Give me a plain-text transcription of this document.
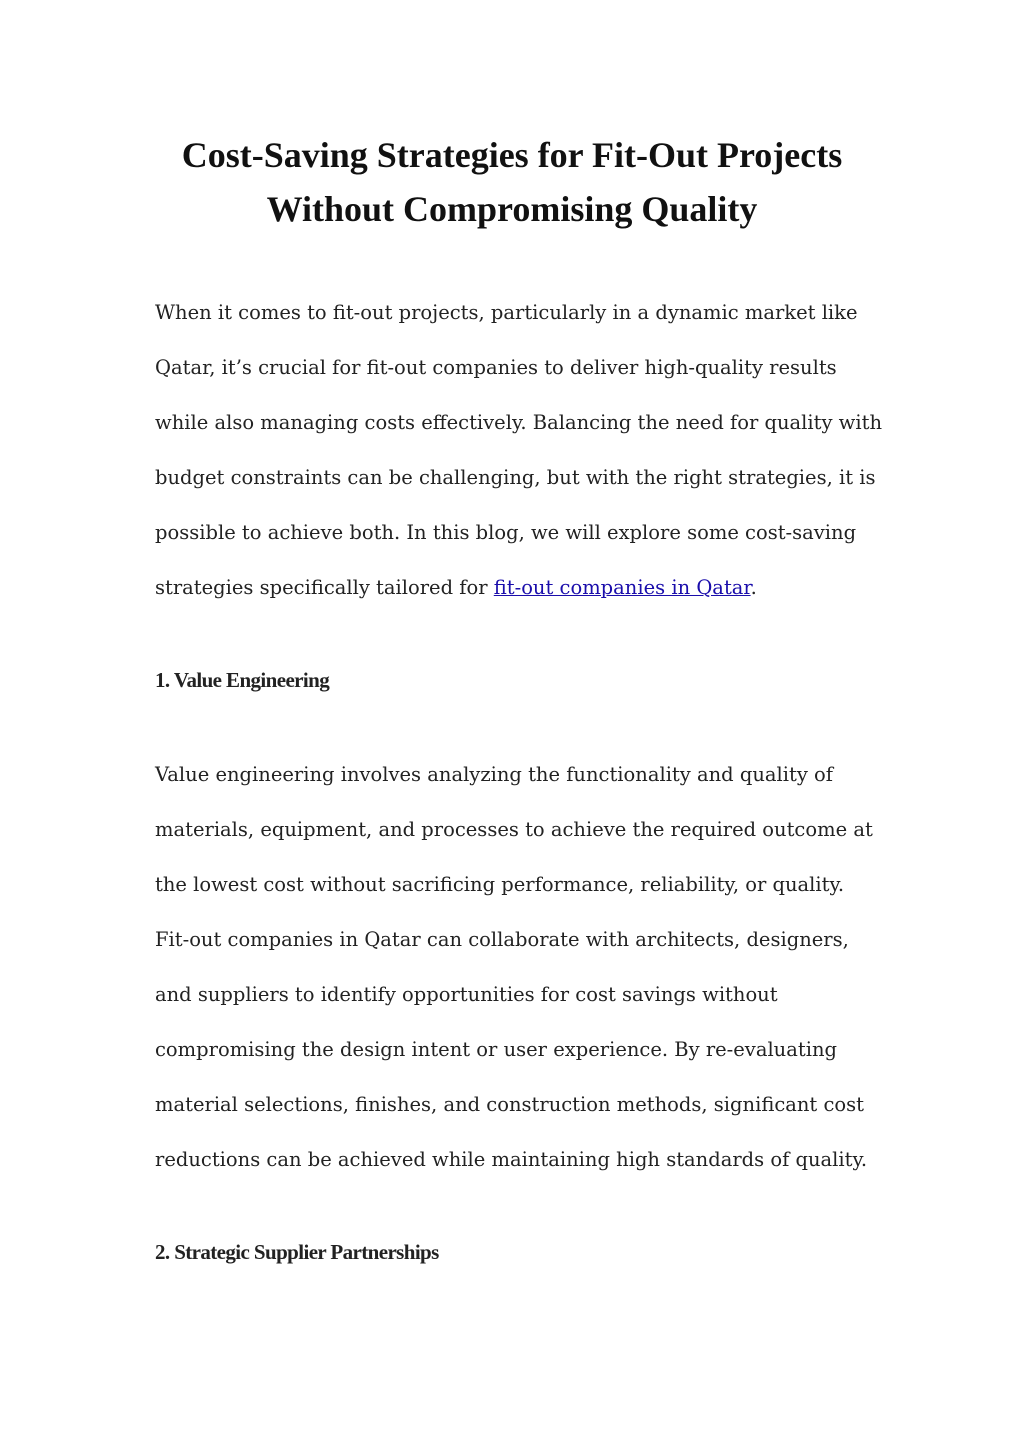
Cost-Saving Strategies for Fit-Out Projects
Without Compromising Quality

When it comes to fit-out projects, particularly in a dynamic market like
Qatar, it’s crucial for fit-out companies to deliver high-quality results
while also managing costs effectively. Balancing the need for quality with
budget constraints can be challenging, but with the right strategies, it is
possible to achieve both. In this blog, we will explore some cost-saving
strategies specifically tailored for fit-out companies in Qatar.

1. Value Engineering

Value engineering involves analyzing the functionality and quality of
materials, equipment, and processes to achieve the required outcome at
the lowest cost without sacrificing performance, reliability, or quality.
Fit-out companies in Qatar can collaborate with architects, designers,
and suppliers to identify opportunities for cost savings without
compromising the design intent or user experience. By re-evaluating
material selections, finishes, and construction methods, significant cost
reductions can be achieved while maintaining high standards of quality.

2. Strategic Supplier Partnerships
